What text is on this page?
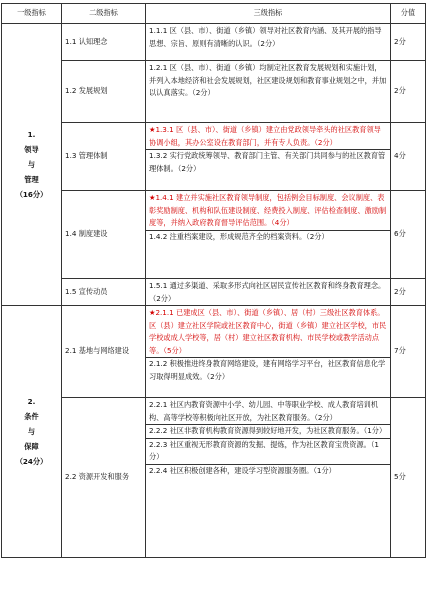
一级指标	二级指标	三级指标	分值

1.
领导
与
管理
（16分）	1.1 认知理念	1.1.1 区（县、市）、街道（乡镇）领导对社区教育内涵、及其开展的指导思想、宗旨、原则有清晰的认识。（2分）	2分
	1.2 发展规划	1.2.1 区（县、市）、街道（乡镇）均制定社区教育发展规划和实施计划，并列入本地经济和社会发展规划，社区建设规划和教育事业规划之中，并加以认真落实。（2分）	2分
	1.3 管理体制	★1.3.1 区（县、市）、街道（乡镇）建立由党政领导牵头的社区教育领导协调小组，其办公室设在教育部门，并有专人负责。（2分）
1.3.2 实行党政统筹领导、教育部门主管、有关部门共同参与的社区教育管理体制。（2分）	4分
	1.4 制度建设	★1.4.1 建立并实施社区教育领导制度，包括例会目标制度、会议制度、表彰奖励制度、机构和队伍建设制度、经费投入制度、评估检查制度、激励制度等，并纳入政府教育督导评估范围。（4分）
1.4.2 注重档案建设，形成规范齐全的档案资料。（2分）	6分
	1.5 宣传动员	1.5.1 通过多渠道、采取多形式向社区居民宣传社区教育和终身教育理念。（2分）	2分

2.
条件
与
保障
（24分）	2.1 基地与网络建设	★2.1.1 已建成区（县、市）、街道（乡镇）、居（村）三级社区教育体系。区（县）建立社区学院或社区教育中心，街道（乡镇）建立社区学校，市民学校或成人学校等，居（村）建立社区教育机构、市民学校或教学活动点等。（5分）
2.1.2 积极推进终身教育网络建设，建有网络学习平台，社区教育信息化学习取得明显成效。（2分）	7分
	2.2 资源开发和服务	2.2.1 社区内教育资源中小学、幼儿园、中等职业学校、成人教育培训机构、高等学校等积极向社区开放，为社区教育服务。（2分）
2.2.2 社区非教育机构教育资源得到较好地开发，为社区教育服务。（1分）
2.2.3 社区重视无形教育资源的发掘、提炼，作为社区教育宝贵资源。（1分）
2.2.4 社区积极创建各种，建设学习型资源服务圈。（1分）	5分
